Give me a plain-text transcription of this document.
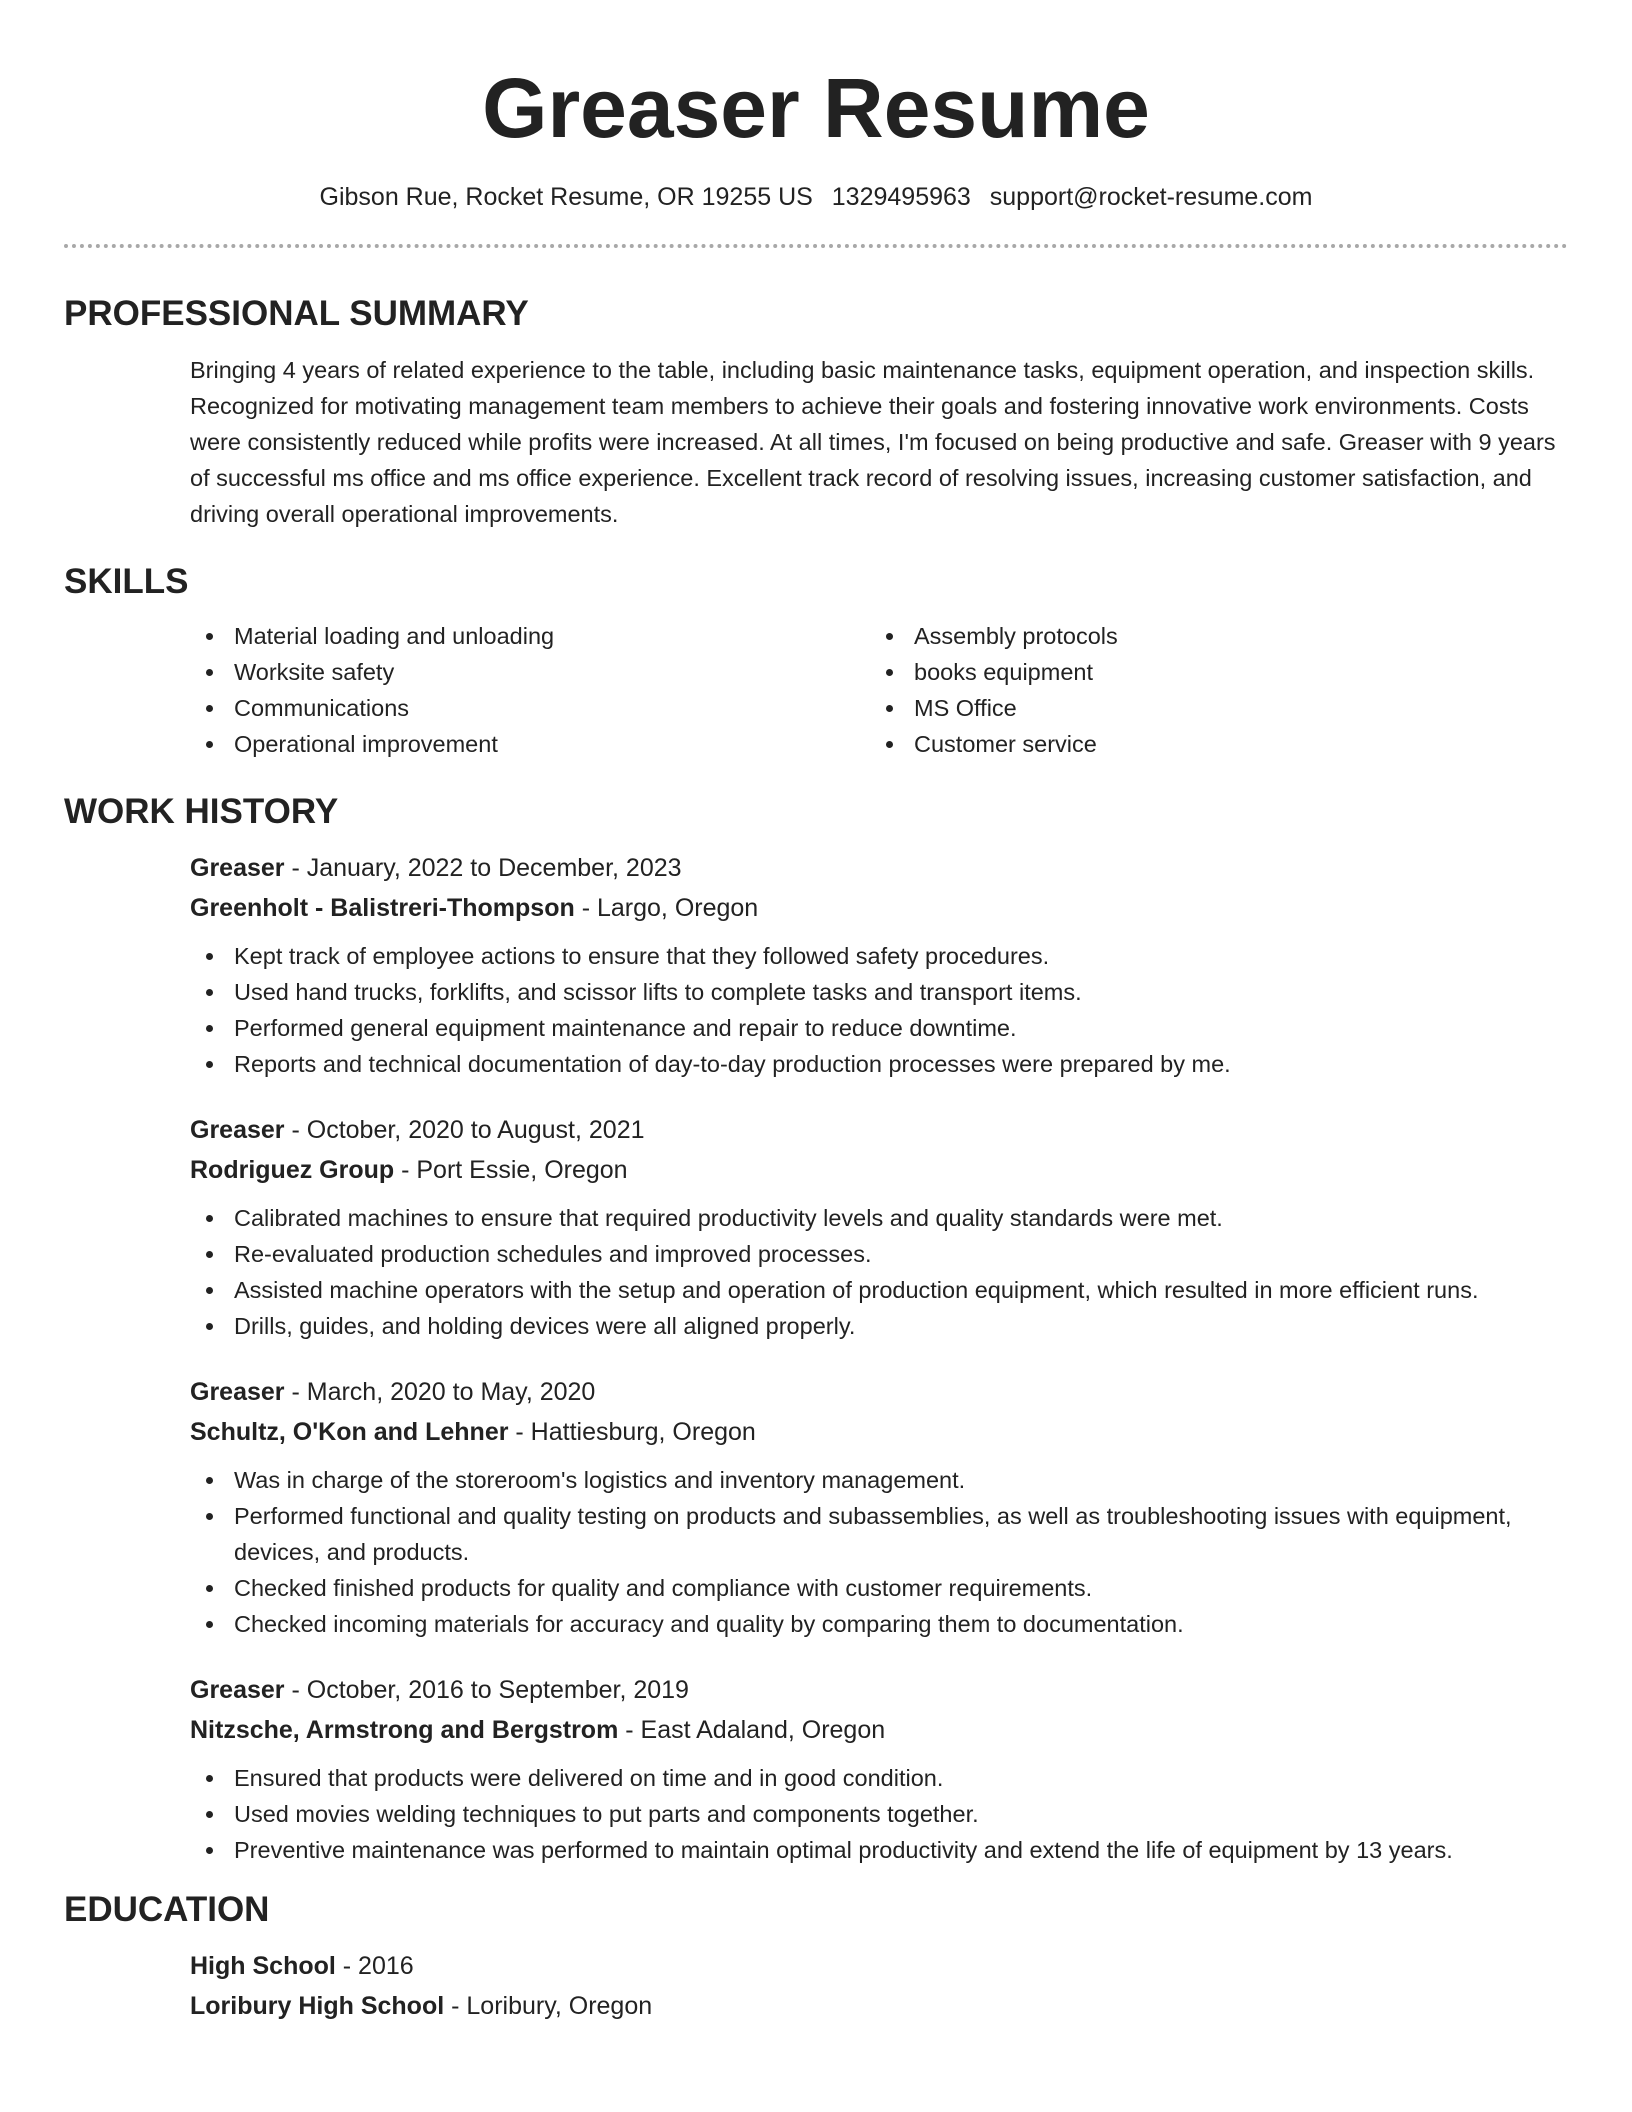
Greaser Resume
Gibson Rue, Rocket Resume, OR 19255 US 1329495963 support@rocket-resume.com
PROFESSIONAL SUMMARY

Bringing 4 years of related experience to the table, including basic maintenance tasks, equipment operation, and inspection skills. Recognized for motivating management team members to achieve their goals and fostering innovative work environments. Costs were consistently reduced while profits were increased. At all times, I'm focused on being productive and safe. Greaser with 9 years of successful ms office and ms office experience. Excellent track record of resolving issues, increasing customer satisfaction, and driving overall operational improvements.

SKILLS
Material loading and unloading
Worksite safety
Communications
Operational improvement
Assembly protocols
books equipment
MS Office
Customer service
WORK HISTORY
Greaser - January, 2022 to December, 2023
Greenholt - Balistreri-Thompson - Largo, Oregon
Kept track of employee actions to ensure that they followed safety procedures.
Used hand trucks, forklifts, and scissor lifts to complete tasks and transport items.
Performed general equipment maintenance and repair to reduce downtime.
Reports and technical documentation of day-to-day production processes were prepared by me.
Greaser - October, 2020 to August, 2021
Rodriguez Group - Port Essie, Oregon
Calibrated machines to ensure that required productivity levels and quality standards were met.
Re-evaluated production schedules and improved processes.
Assisted machine operators with the setup and operation of production equipment, which resulted in more efficient runs.
Drills, guides, and holding devices were all aligned properly.
Greaser - March, 2020 to May, 2020
Schultz, O'Kon and Lehner - Hattiesburg, Oregon
Was in charge of the storeroom's logistics and inventory management.
Performed functional and quality testing on products and subassemblies, as well as troubleshooting issues with equipment, devices, and products.
Checked finished products for quality and compliance with customer requirements.
Checked incoming materials for accuracy and quality by comparing them to documentation.
Greaser - October, 2016 to September, 2019
Nitzsche, Armstrong and Bergstrom - East Adaland, Oregon
Ensured that products were delivered on time and in good condition.
Used movies welding techniques to put parts and components together.
Preventive maintenance was performed to maintain optimal productivity and extend the life of equipment by 13 years.
EDUCATION
High School - 2016
Loribury High School - Loribury, Oregon
